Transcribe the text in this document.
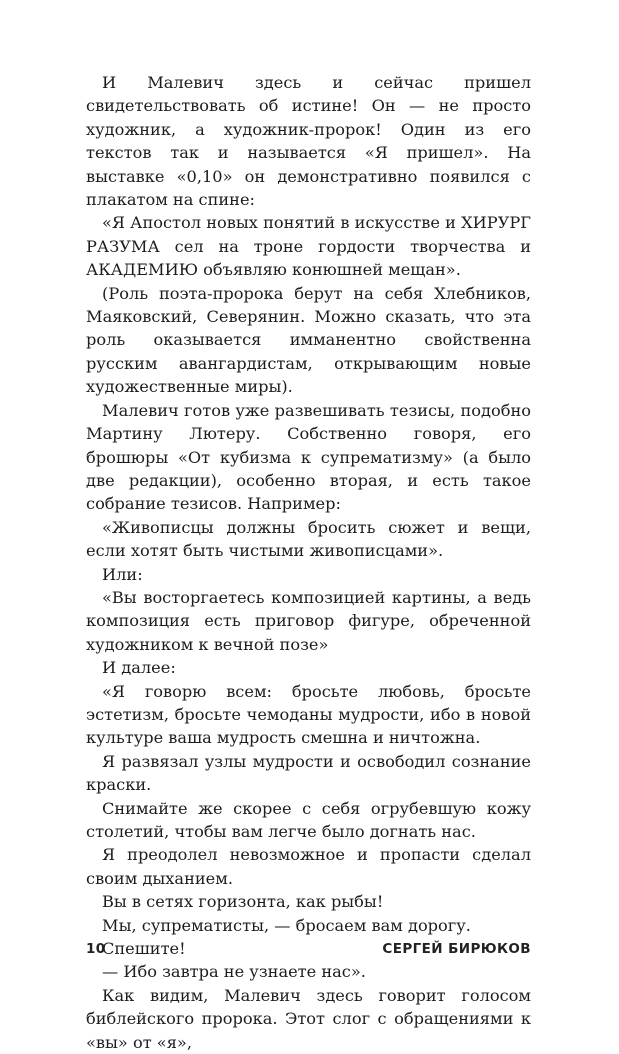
И Малевич здесь и сейчас пришел свидетельствовать об истине! Он — не просто художник, а художник-пророк! Один из его текстов так и называется «Я пришел». На выставке «0,10» он демонстративно появился с плакатом на спине:

«Я Апостол новых понятий в искусстве и ХИРУРГ РАЗУМА сел на троне гордости творчества и АКАДЕМИЮ объявляю конюшней мещан».

(Роль поэта-пророка берут на себя Хлебников, Маяковский, Северянин. Можно сказать, что эта роль оказывается имманентно свойственна русским авангардистам, открывающим новые художественные миры).

Малевич готов уже развешивать тезисы, подобно Мартину Лютеру. Собственно говоря, его брошюры «От кубизма к супрематизму» (а было две редакции), особенно вторая, и есть такое собрание тезисов. Например:

«Живописцы должны бросить сюжет и вещи, если хотят быть чистыми живописцами».

Или:

«Вы восторгаетесь композицией картины, а ведь композиция есть приговор фигуре, обреченной художником к вечной позе»

И далее:

«Я говорю всем: бросьте любовь, бросьте эстетизм, бросьте чемоданы мудрости, ибо в новой культуре ваша мудрость смешна и ничтожна.

Я развязал узлы мудрости и освободил сознание краски.

Снимайте же скорее с себя огрубевшую кожу столетий, чтобы вам легче было догнать нас.

Я преодолел невозможное и пропасти сделал своим дыханием.

Вы в сетях горизонта, как рыбы!

Мы, супрематисты, — бросаем вам дорогу.

Спешите!

— Ибо завтра не узнаете нас».

Как видим, Малевич здесь говорит голосом библейского пророка. Этот слог с обращениями к «вы» от «я»,

10	СЕРГЕЙ БИРЮКОВ
